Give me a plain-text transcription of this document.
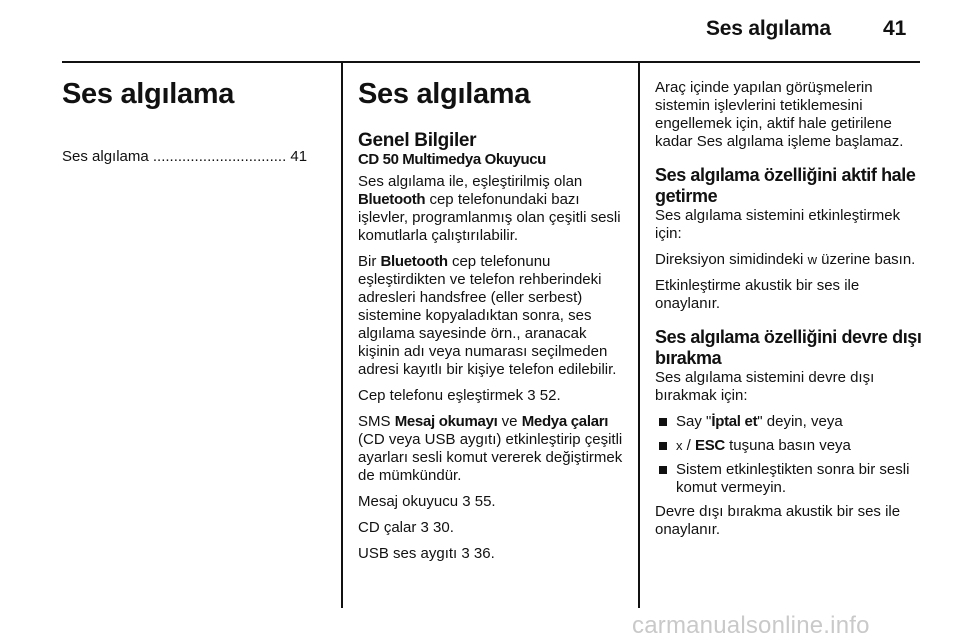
Ses algılama 41
Ses algılama
Ses algılama ................................ 41
Ses algılama
Genel Bilgiler
CD 50 Multimedya Okuyucu

Ses algılama ile, eşleştirilmiş olan Bluetooth cep telefonundaki bazı işlevler, programlanmış olan çeşitli sesli komutlarla çalıştırılabilir.

Bir Bluetooth cep telefonunu eşleştirdikten ve telefon rehberindeki adresleri handsfree (eller serbest) sistemine kopyaladıktan sonra, ses algılama sayesinde örn., aranacak kişinin adı veya numarası seçilmeden adresi kayıtlı bir kişiye telefon edilebilir.

Cep telefonu eşleştirmek 3 52.

SMS Mesaj okumayı ve Medya çaları (CD veya USB aygıtı) etkinleştirip çeşitli ayarları sesli komut vererek değiştirmek de mümkündür.

Mesaj okuyucu 3 55.

CD çalar 3 30.

USB ses aygıtı 3 36.

Araç içinde yapılan görüşmelerin sistemin işlevlerini tetiklemesini engellemek için, aktif hale getirilene kadar Ses algılama işleme başlamaz.

Ses algılama özelliğini aktif hale getirme

Ses algılama sistemini etkinleştirmek için:

Direksiyon simidindeki w üzerine basın.

Etkinleştirme akustik bir ses ile onaylanır.

Ses algılama özelliğini devre dışı bırakma

Ses algılama sistemini devre dışı bırakmak için:

Say "İptal et" deyin, veya
x / ESC tuşuna basın veya
Sistem etkinleştikten sonra bir sesli komut vermeyin.

Devre dışı bırakma akustik bir ses ile onaylanır.

carmanualsonline.info
